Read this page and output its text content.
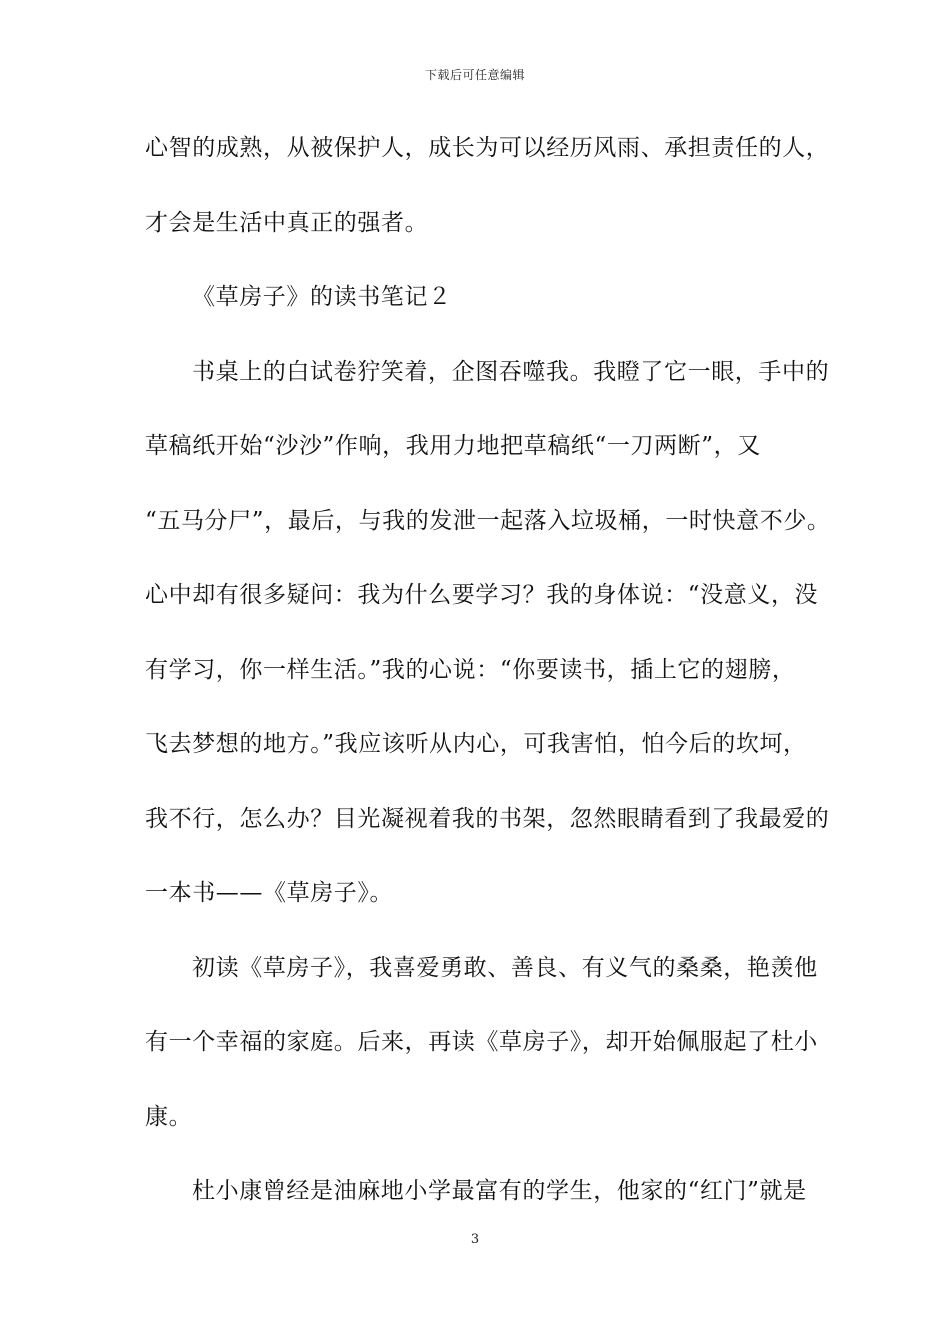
下载后可任意编辑
心智的成熟，从被保护人，成长为可以经历风雨、承担责任的人，
才会是生活中真正的强者。
《草房子》的读书笔记２
书桌上的白试卷狞笑着，企图吞噬我。我瞪了它一眼，手中的
草稿纸开始“沙沙”作响，我用力地把草稿纸“一刀两断”，又
“五马分尸”，最后，与我的发泄一起落入垃圾桶，一时快意不少。
心中却有很多疑问：我为什么要学习？我的身体说：“没意义，没
有学习，你一样生活。”我的心说：“你要读书，插上它的翅膀，
飞去梦想的地方。”我应该听从内心，可我害怕，怕今后的坎坷，
我不行，怎么办？目光凝视着我的书架，忽然眼睛看到了我最爱的
一本书——《草房子》。
初读《草房子》，我喜爱勇敢、善良、有义气的桑桑，艳羡他
有一个幸福的家庭。后来，再读《草房子》，却开始佩服起了杜小
康。
杜小康曾经是油麻地小学最富有的学生，他家的“红门”就是
3
